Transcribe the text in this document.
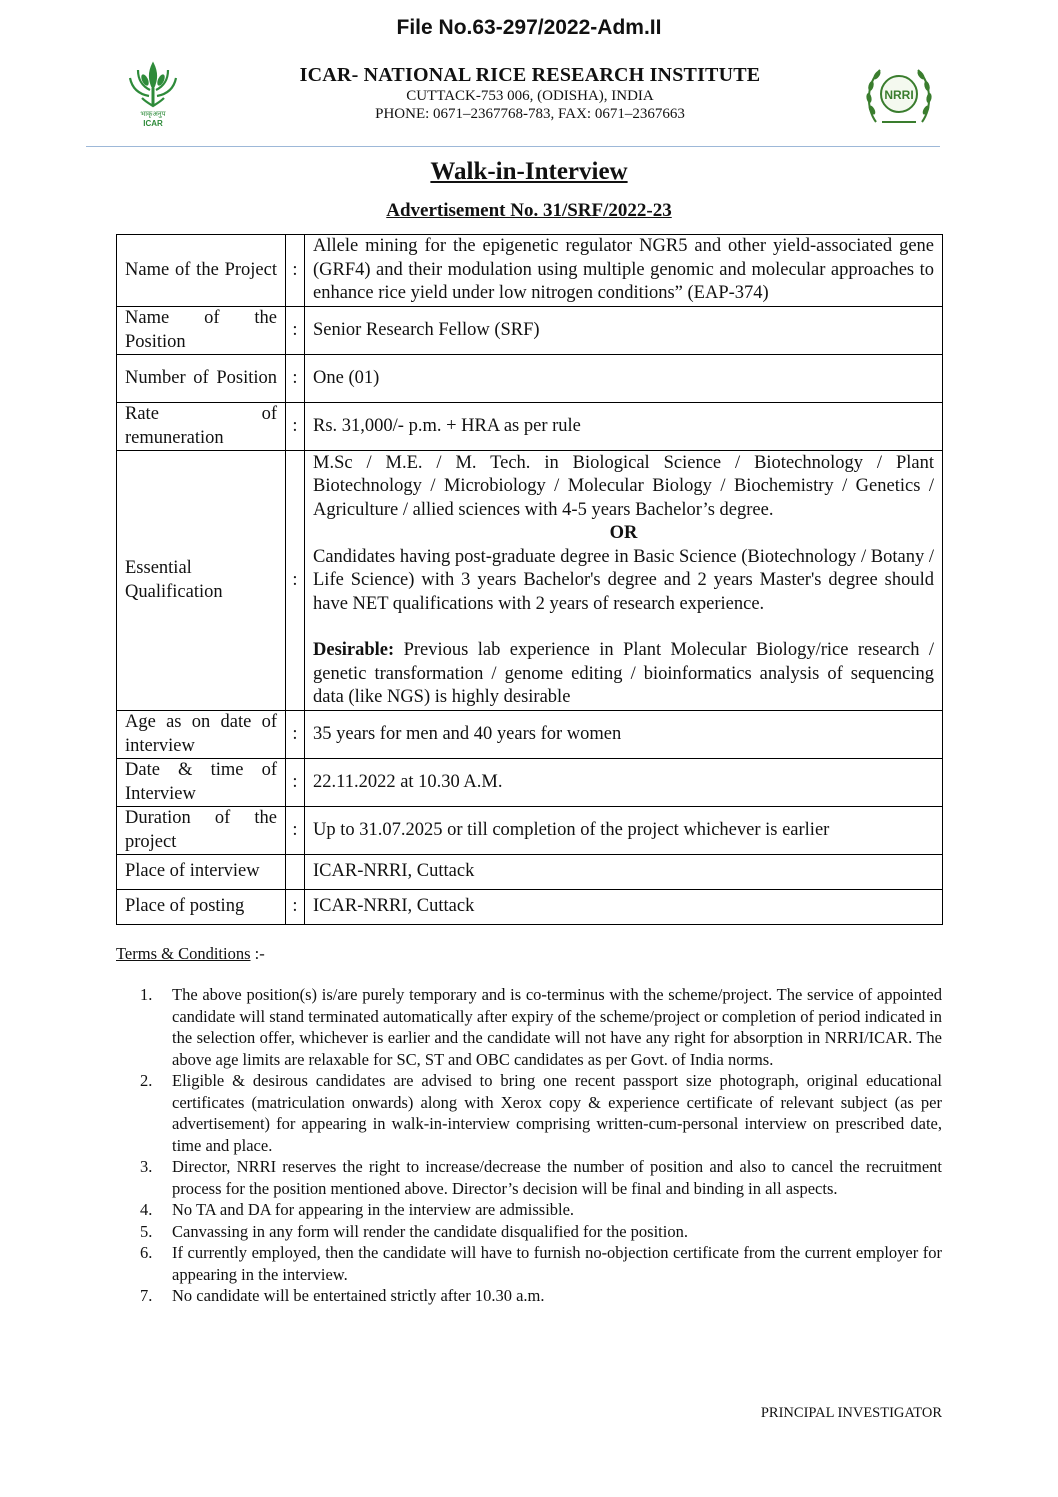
File No.63-297/2022-Adm.II
भाकृअनुप
ICAR
ICAR- NATIONAL RICE RESEARCH INSTITUTE
CUTTACK-753 006, (ODISHA), INDIA
PHONE: 0671–2367768-783, FAX: 0671–2367663
NRRI
Walk-in-Interview
Advertisement No. 31/SRF/2022-23
Name of the Project	:	Allele mining for the epigenetic regulator NGR5 and other yield-associated gene (GRF4) and their modulation using multiple genomic and molecular approaches to enhance rice yield under low nitrogen conditions” (EAP-374)
Name of the Position	:	Senior Research Fellow (SRF)
Number of Position	:	One (01)
Rate of remuneration	:	Rs. 31,000/- p.m. + HRA as per rule
Essential Qualification	:	M.Sc / M.E. / M. Tech. in Biological Science / Biotechnology / Plant Biotechnology / Microbiology / Molecular Biology / Biochemistry / Genetics / Agriculture / allied sciences with 4-5 years Bachelor’s degree.
OR
Candidates having post-graduate degree in Basic Science (Biotechnology / Botany / Life Science) with 3 years Bachelor's degree and 2 years Master's degree should have NET qualifications with 2 years of research experience.
Desirable: Previous lab experience in Plant Molecular Biology/rice research / genetic transformation / genome editing / bioinformatics analysis of sequencing data (like NGS) is highly desirable

Age as on date of interview	:	35 years for men and 40 years for women
Date & time of Interview	:	22.11.2022 at 10.30 A.M.
Duration of the project	:	Up to 31.07.2025 or till completion of the project whichever is earlier
Place of interview		ICAR-NRRI, Cuttack
Place of posting	:	ICAR-NRRI, Cuttack
Terms & Conditions :-
1. The above position(s) is/are purely temporary and is co-terminus with the scheme/project. The service of appointed candidate will stand terminated automatically after expiry of the scheme/project or completion of period indicated in the selection offer, whichever is earlier and the candidate will not have any right for absorption in NRRI/ICAR. The above age limits are relaxable for SC, ST and OBC candidates as per Govt. of India norms.
2. Eligible & desirous candidates are advised to bring one recent passport size photograph, original educational certificates (matriculation onwards) along with Xerox copy & experience certificate of relevant subject (as per advertisement) for appearing in walk-in-interview comprising written-cum-personal interview on prescribed date, time and place.
3. Director, NRRI reserves the right to increase/decrease the number of position and also to cancel the recruitment process for the position mentioned above. Director’s decision will be final and binding in all aspects.
4. No TA and DA for appearing in the interview are admissible.
5. Canvassing in any form will render the candidate disqualified for the position.
6. If currently employed, then the candidate will have to furnish no-objection certificate from the current employer for appearing in the interview.
7. No candidate will be entertained strictly after 10.30 a.m.
PRINCIPAL INVESTIGATOR
